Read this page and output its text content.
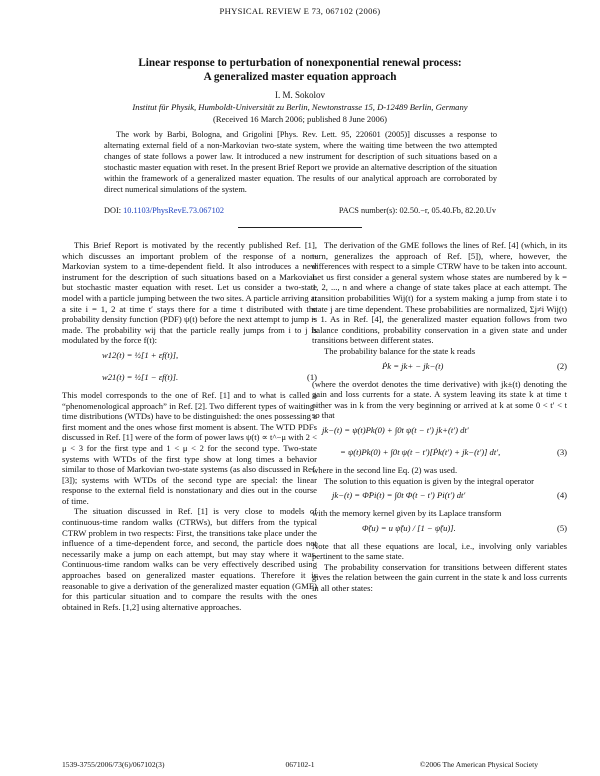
PHYSICAL REVIEW E 73, 067102 (2006)
Linear response to perturbation of nonexponential renewal process:
A generalized master equation approach
I. M. Sokolov
Institut für Physik, Humboldt-Universität zu Berlin, Newtonstrasse 15, D-12489 Berlin, Germany
(Received 16 March 2006; published 8 June 2006)
The work by Barbi, Bologna, and Grigolini [Phys. Rev. Lett. 95, 220601 (2005)] discusses a response to alternating external field of a non-Markovian two-state system, where the waiting time between the two attempted changes of state follows a power law. It introduced a new instrument for description of such situations based on a stochastic master equation with reset. In the present Brief Report we provide an alternative description of the situation within the framework of a generalized master equation. The results of our analytical approach are corroborated by direct numerical simulations of the system.
DOI: 10.1103/PhysRevE.73.067102	PACS number(s): 02.50.−r, 05.40.Fb, 82.20.Uv

This Brief Report is motivated by the recently published Ref. [1], which discusses an important problem of the response of a non-Markovian system to a time-dependent field. It also introduces a new instrument for the description of such situations based on a Markovian but stochastic master equation with reset. Let us consider a two-state model with a particle jumping between the two sites. A particle arriving at a site i = 1, 2 at time t′ stays there for a time t distributed with the probability density function (PDF) ψ(t) before the next attempt to jump is made. The probability wij that the particle really jumps from i to j is modulated by the force f(t):

w12(t) = ½[1 + εf(t)],
w21(t) = ½[1 − εf(t)].	(1)

This model corresponds to the one of Ref. [1] and to what is called a “phenomenological approach” in Ref. [2]. Two different types of waiting-time distributions (WTDs) have to be distinguished: the ones possessing a first moment and the ones whose first moment is absent. The WTD PDFs discussed in Ref. [1] were of the form of power laws ψ(t) ∝ t^−μ with 2 < μ < 3 for the first type and 1 < μ < 2 for the second type. Two-state systems with WTDs of the first type show at long times a behavior similar to those of Markovian two-state systems (as also discussed in Ref. [3]); systems with WTDs of the second type are special: the linear response to the external field is nonstationary and dies out in the course of time.

The situation discussed in Ref. [1] is very close to models of continuous-time random walks (CTRWs), but differs from the typical CTRW problem in two respects: First, the transitions take place under the influence of a time-dependent force, and second, the particle does not necessarily make a jump on each attempt, but may stay where it was. Continuous-time random walks can be very effectively described using approaches based on generalized master equations. Therefore it is reasonable to give a derivation of the generalized master equation (GME) for this particular situation and to compare the results with the ones obtained in Refs. [1,2] using alternative approaches.

The derivation of the GME follows the lines of Ref. [4] (which, in its turn, generalizes the approach of Ref. [5]), where, however, the differences with respect to a simple CTRW have to be taken into account. Let us first consider a general system whose states are numbered by k = 1, 2, ..., n and where a change of state takes place at each attempt. The transition probabilities Wij(t) for a system making a jump from state i to state j are time dependent. These probabilities are normalized, Σj≠i Wij(t) = 1. As in Ref. [4], the generalized master equation follows from two balance conditions, probability conservation in a given state and under transitions between different states.

The probability balance for the state k reads

Ṗk = jk+ − jk−(t)	(2)

(where the overdot denotes the time derivative) with jk±(t) denoting the gain and loss currents for a state. A system leaving its state k at time t either was in k from the very beginning or arrived at k at some 0 < t′ < t so that

jk−(t) = ψ(t)Pk(0) + ∫0t ψ(t − t′) jk+(t′) dt′
= ψ(t)Pk(0) + ∫0t ψ(t − t′)[Ṗk(t′) + jk−(t′)] dt′,	(3)

where in the second line Eq. (2) was used.

The solution to this equation is given by the integral operator

jk−(t) = Φ̂Pi(t) = ∫0t Φ(t − t′) Pi(t′) dt′	(4)

with the memory kernel given by its Laplace transform

Φ̃(u) = u ψ̃(u) / [1 − ψ̃(u)].	(5)

Note that all these equations are local, i.e., involving only variables pertinent to the same state.

The probability conservation for transitions between different states gives the relation between the gain current in the state k and loss currents in all other states:

1539-3755/2006/73(6)/067102(3)	067102-1	©2006 The American Physical Society
